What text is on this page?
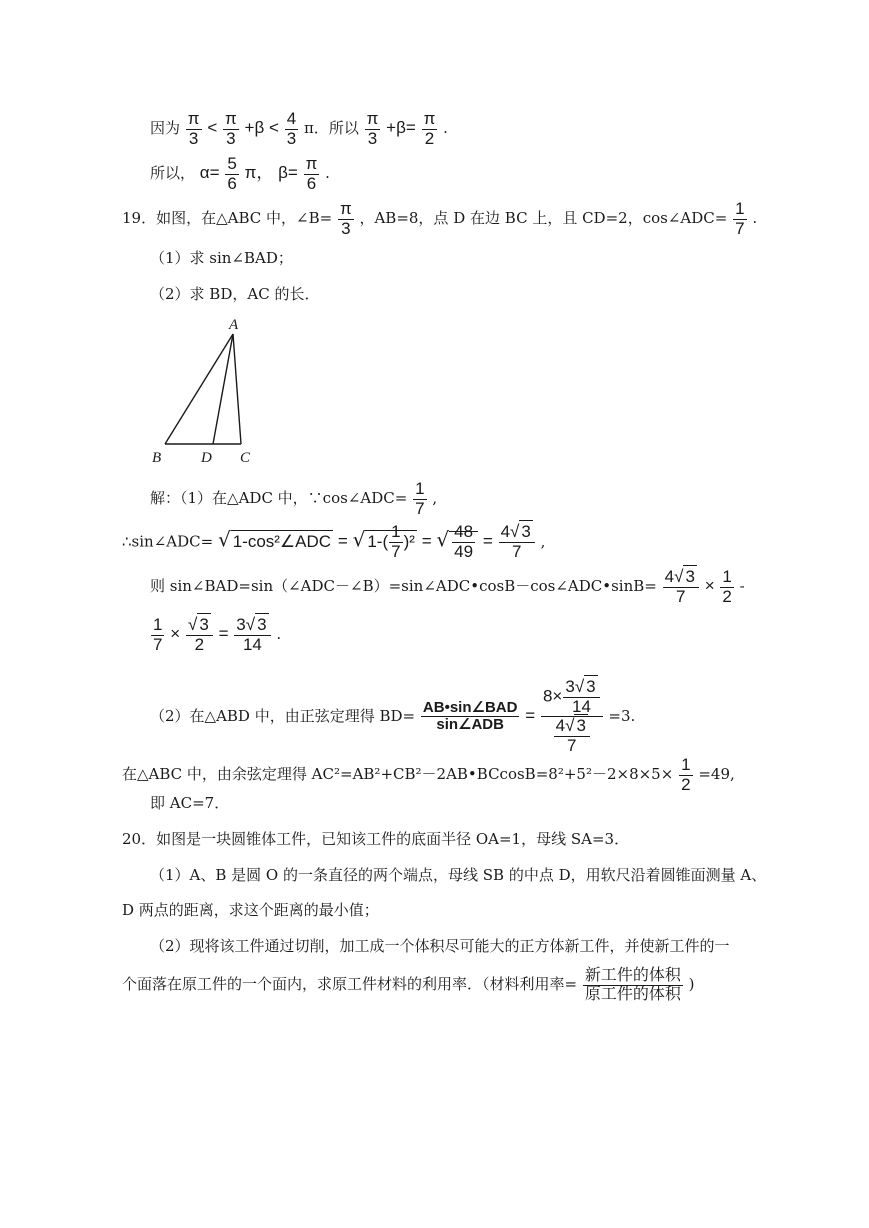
因为 $\frac{\pi}{3} < \frac{\pi}{3} +\beta < \frac{4}{3}$ π．所以 $\frac{\pi}{3} +\beta= \frac{\pi}{2}$ .
所以， $\alpha= \frac{5}{6}$ π， $\beta= \frac{\pi}{6}$ .
19．如图，在△ABC 中，∠B= $\frac{\pi}{3}$ ，AB=8，点 D 在边 BC 上，且 CD=2，cos∠ADC= $\frac{1}{7}$ .
（1）求 sin∠BAD；
（2）求 BD，AC 的长．
A
B	D C
解：（1）在△ADC 中，∵cos∠ADC= $\frac{1}{7}$ ,
∴sin∠ADC= √ 1-cos²∠ADC = √ $1-( \frac{1}{7} )^2$ = √ $\frac{48}{49} = \frac{4√ 3}{7}$ ,
则 sin∠BAD=sin（∠ADC－∠B）=sin∠ADC•cosB－cos∠ADC•sinB= $\frac{4√ 3}{7} \times \frac{1}{2}$ -
$\frac{1}{7} \times \frac{√ 3}{2} = \frac{3√ 3}{14}$ .
（2）在△ABD 中，由正弦定理得 $BD= \frac{\text{AB•sin∠BAD}}{\text{sin∠ADB}} = \frac{8\times \frac{3√ 3}{14}}{\frac{4√ 3}{7}} =3$.
在△ABC 中，由余弦定理得 AC²=AB²+CB²－2AB•BCcosB=8²+5²－2×8×5× $\frac{1}{2} =49$,
即 AC=7．
20．如图是一块圆锥体工件，已知该工件的底面半径 OA=1，母线 SA=3．
（1）A、B 是圆 O 的一条直径的两个端点，母线 SB 的中点 D，用软尺沿着圆锥面测量 A、
D 两点的距离，求这个距离的最小值；
（2）现将该工件通过切削，加工成一个体积尽可能大的正方体新工件，并使新工件的一
个面落在原工件的一个面内，求原工件材料的利用率．（材料利用率= $\frac{\text{新工件的体积}}{\text{原工件的体积}}$ )
